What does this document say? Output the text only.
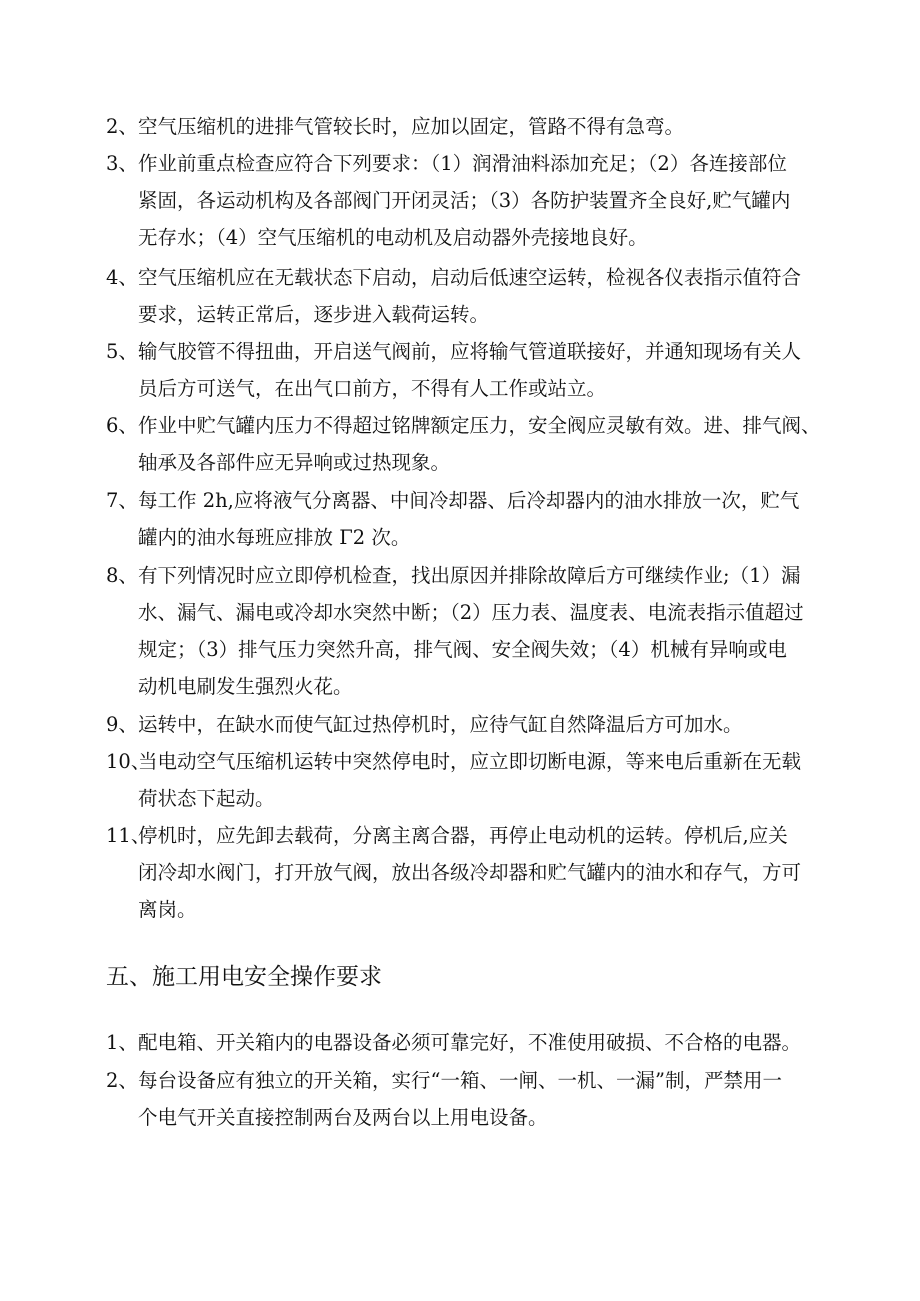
2、 空气压缩机的进排气管较长时，应加以固定，管路不得有急弯。
3、 作业前重点检查应符合下列要求：（1）润滑油料添加充足；（2）各连接部位
紧固，各运动机构及各部阀门开闭灵活；（3）各防护装置齐全良好,贮气罐内
无存水；（4）空气压缩机的电动机及启动器外壳接地良好。
4、 空气压缩机应在无载状态下启动，启动后低速空运转，检视各仪表指示值符合
要求，运转正常后，逐步进入载荷运转。
5、 输气胶管不得扭曲，开启送气阀前，应将输气管道联接好，并通知现场有关人
员后方可送气，在出气口前方，不得有人工作或站立。
6、 作业中贮气罐内压力不得超过铭牌额定压力，安全阀应灵敏有效。进、排气阀、
轴承及各部件应无异响或过热现象。
7、 每工作 2h,应将液气分离器、中间冷却器、后冷却器内的油水排放一次，贮气
罐内的油水每班应排放 Γ2 次。
8、 有下列情况时应立即停机检查，找出原因并排除故障后方可继续作业;（1）漏
水、漏气、漏电或冷却水突然中断；（2）压力表、温度表、电流表指示值超过
规定；（3）排气压力突然升高，排气阀、安全阀失效；（4）机械有异响或电
动机电刷发生强烈火花。
9、 运转中，在缺水而使气缸过热停机时，应待气缸自然降温后方可加水。
10、
当电动空气压缩机运转中突然停电时，应立即切断电源，等来电后重新在无载
荷状态下起动。
11、
停机时，应先卸去载荷，分离主离合器，再停止电动机的运转。停机后,应关
闭冷却水阀门，打开放气阀，放出各级冷却器和贮气罐内的油水和存气，方可
离岗。
五、施工用电安全操作要求
1、 配电箱、开关箱内的电器设备必须可靠完好，不准使用破损、不合格的电器。
2、 每台设备应有独立的开关箱，实行“一箱、一闸、一机、一漏”制，严禁用一
个电气开关直接控制两台及两台以上用电设备。
